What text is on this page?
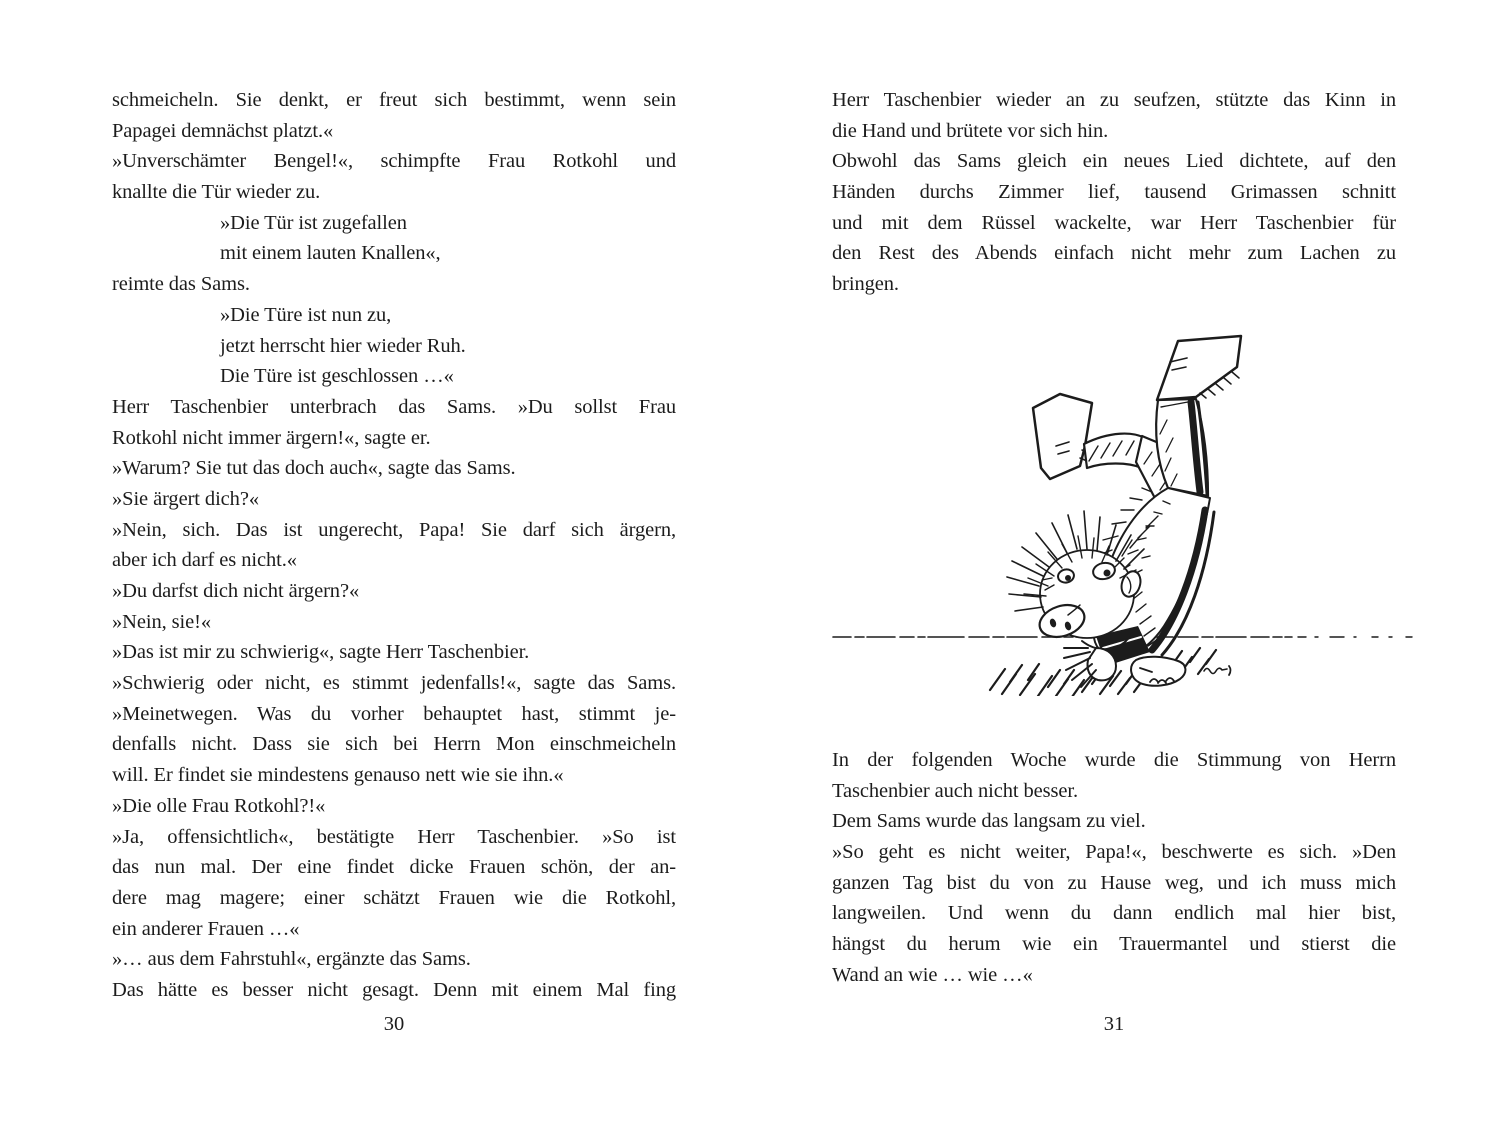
schmeicheln. Sie denkt, er freut sich bestimmt, wenn sein
Papagei demnächst platzt.«
»Unverschämter Bengel!«, schimpfte Frau Rotkohl und
knallte die Tür wieder zu.
»Die Tür ist zugefallen
mit einem lauten Knallen«,
reimte das Sams.
»Die Türe ist nun zu,
jetzt herrscht hier wieder Ruh.
Die Türe ist geschlossen …«
Herr Taschenbier unterbrach das Sams. »Du sollst Frau
Rotkohl nicht immer ärgern!«, sagte er.
»Warum? Sie tut das doch auch«, sagte das Sams.
»Sie ärgert dich?«
»Nein, sich. Das ist ungerecht, Papa! Sie darf sich ärgern,
aber ich darf es nicht.«
»Du darfst dich nicht ärgern?«
»Nein, sie!«
»Das ist mir zu schwierig«, sagte Herr Taschenbier.
»Schwierig oder nicht, es stimmt jedenfalls!«, sagte das Sams.
»Meinetwegen. Was du vorher behauptet hast, stimmt je-
denfalls nicht. Dass sie sich bei Herrn Mon einschmeicheln
will. Er findet sie mindestens genauso nett wie sie ihn.«
»Die olle Frau Rotkohl?!«
»Ja, offensichtlich«, bestätigte Herr Taschenbier. »So ist
das nun mal. Der eine findet dicke Frauen schön, der an-
dere mag magere; einer schätzt Frauen wie die Rotkohl,
ein anderer Frauen …«
»… aus dem Fahrstuhl«, ergänzte das Sams.
Das hätte es besser nicht gesagt. Denn mit einem Mal fing
Herr Taschenbier wieder an zu seufzen, stützte das Kinn in
die Hand und brütete vor sich hin.
Obwohl das Sams gleich ein neues Lied dichtete, auf den
Händen durchs Zimmer lief, tausend Grimassen schnitt
und mit dem Rüssel wackelte, war Herr Taschenbier für
den Rest des Abends einfach nicht mehr zum Lachen zu
bringen.
In der folgenden Woche wurde die Stimmung von Herrn
Taschenbier auch nicht besser.
Dem Sams wurde das langsam zu viel.
»So geht es nicht weiter, Papa!«, beschwerte es sich. »Den
ganzen Tag bist du von zu Hause weg, und ich muss mich
langweilen. Und wenn du dann endlich mal hier bist,
hängst du herum wie ein Trauermantel und stierst die
Wand an wie … wie …«
30	31
